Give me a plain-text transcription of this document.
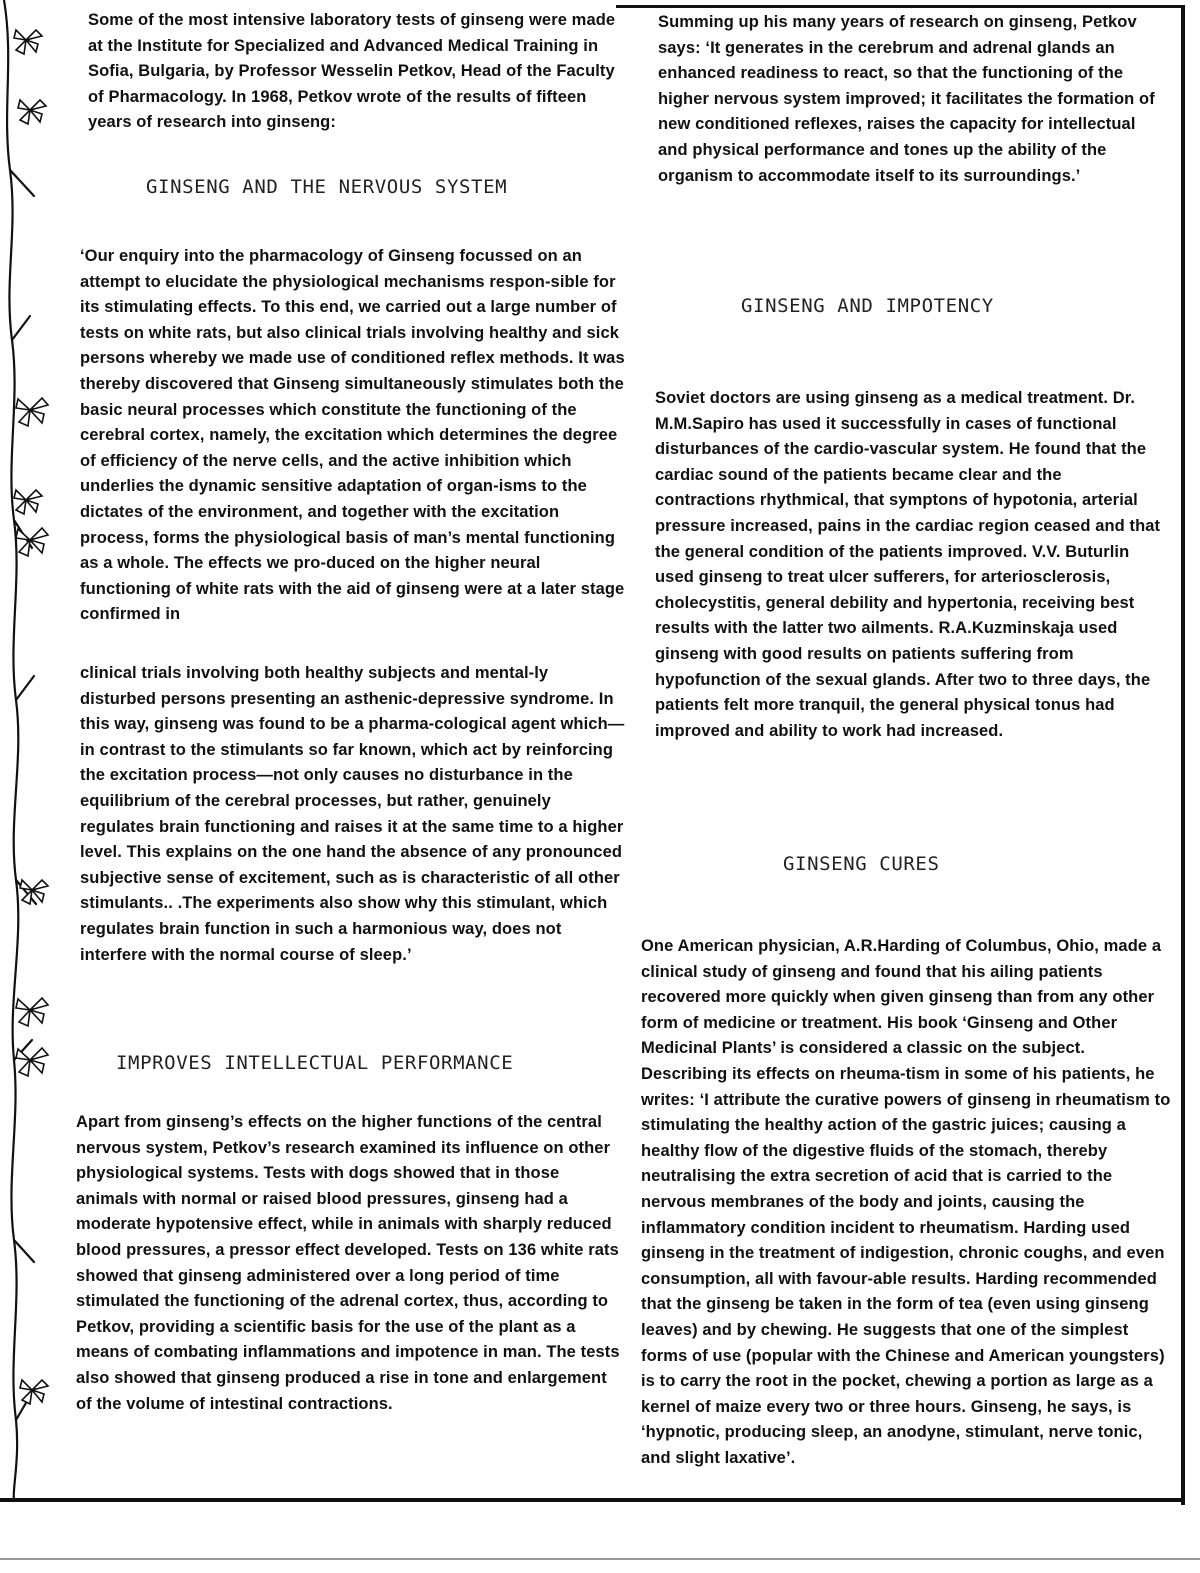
Some of the most intensive laboratory tests of ginseng were made at the Institute for Specialized and Advanced Medical Training in Sofia, Bulgaria, by Professor Wesselin Petkov, Head of the Faculty of Pharmacology. In 1968, Petkov wrote of the results of fifteen years of research into ginseng:

GINSENG AND THE NERVOUS SYSTEM

‘Our enquiry into the pharmacology of Ginseng focussed on an attempt to elucidate the physiological mechanisms respon-sible for its stimulating effects. To this end, we carried out a large number of tests on white rats, but also clinical trials involving healthy and sick persons whereby we made use of conditioned reflex methods. It was thereby discovered that Ginseng simultaneously stimulates both the basic neural processes which constitute the functioning of the cerebral cortex, namely, the excitation which determines the degree of efficiency of the nerve cells, and the active inhibition which underlies the dynamic sensitive adaptation of organ-isms to the dictates of the environment, and together with the excitation process, forms the physiological basis of man’s mental functioning as a whole. The effects we pro-duced on the higher neural functioning of white rats with the aid of ginseng were at a later stage confirmed in

clinical trials involving both healthy subjects and mental-ly disturbed persons presenting an asthenic-depressive syndrome. In this way, ginseng was found to be a pharma-cological agent which—in contrast to the stimulants so far known, which act by reinforcing the excitation process—not only causes no disturbance in the equilibrium of the cerebral processes, but rather, genuinely regulates brain functioning and raises it at the same time to a higher level. This explains on the one hand the absence of any pronounced subjective sense of excitement, such as is characteristic of all other stimulants.. .The experiments also show why this stimulant, which regulates brain function in such a harmonious way, does not interfere with the normal course of sleep.’

IMPROVES INTELLECTUAL PERFORMANCE

Apart from ginseng’s effects on the higher functions of the central nervous system, Petkov’s research examined its influence on other physiological systems. Tests with dogs showed that in those animals with normal or raised blood pressures, ginseng had a moderate hypotensive effect, while in animals with sharply reduced blood pressures, a pressor effect developed. Tests on 136 white rats showed that ginseng administered over a long period of time stimulated the functioning of the adrenal cortex, thus, according to Petkov, providing a scientific basis for the use of the plant as a means of combating inflammations and impotence in man. The tests also showed that ginseng produced a rise in tone and enlargement of the volume of intestinal contractions.

Summing up his many years of research on ginseng, Petkov says: ‘It generates in the cerebrum and adrenal glands an enhanced readiness to react, so that the functioning of the higher nervous system improved; it facilitates the formation of new conditioned reflexes, raises the capacity for intellectual and physical performance and tones up the ability of the organism to accommodate itself to its surroundings.’

GINSENG AND IMPOTENCY

Soviet doctors are using ginseng as a medical treatment. Dr. M.M.Sapiro has used it successfully in cases of functional disturbances of the cardio-vascular system. He found that the cardiac sound of the patients became clear and the contractions rhythmical, that symptons of hypotonia, arterial pressure increased, pains in the cardiac region ceased and that the general condition of the patients improved. V.V. Buturlin used ginseng to treat ulcer sufferers, for arteriosclerosis, cholecystitis, general debility and hypertonia, receiving best results with the latter two ailments. R.A.Kuzminskaja used ginseng with good results on patients suffering from hypofunction of the sexual glands. After two to three days, the patients felt more tranquil, the general physical tonus had improved and ability to work had increased.

GINSENG CURES

One American physician, A.R.Harding of Columbus, Ohio, made a clinical study of ginseng and found that his ailing patients recovered more quickly when given ginseng than from any other form of medicine or treatment. His book ‘Ginseng and Other Medicinal Plants’ is considered a classic on the subject. Describing its effects on rheuma-tism in some of his patients, he writes: ‘I attribute the curative powers of ginseng in rheumatism to stimulating the healthy action of the gastric juices; causing a healthy flow of the digestive fluids of the stomach, thereby neutralising the extra secretion of acid that is carried to the nervous membranes of the body and joints, causing the inflammatory condition incident to rheumatism. Harding used ginseng in the treatment of indigestion, chronic coughs, and even consumption, all with favour-able results. Harding recommended that the ginseng be taken in the form of tea (even using ginseng leaves) and by chewing. He suggests that one of the simplest forms of use (popular with the Chinese and American youngsters) is to carry the root in the pocket, chewing a portion as large as a kernel of maize every two or three hours. Ginseng, he says, is ‘hypnotic, producing sleep, an anodyne, stimulant, nerve tonic, and slight laxative’.
